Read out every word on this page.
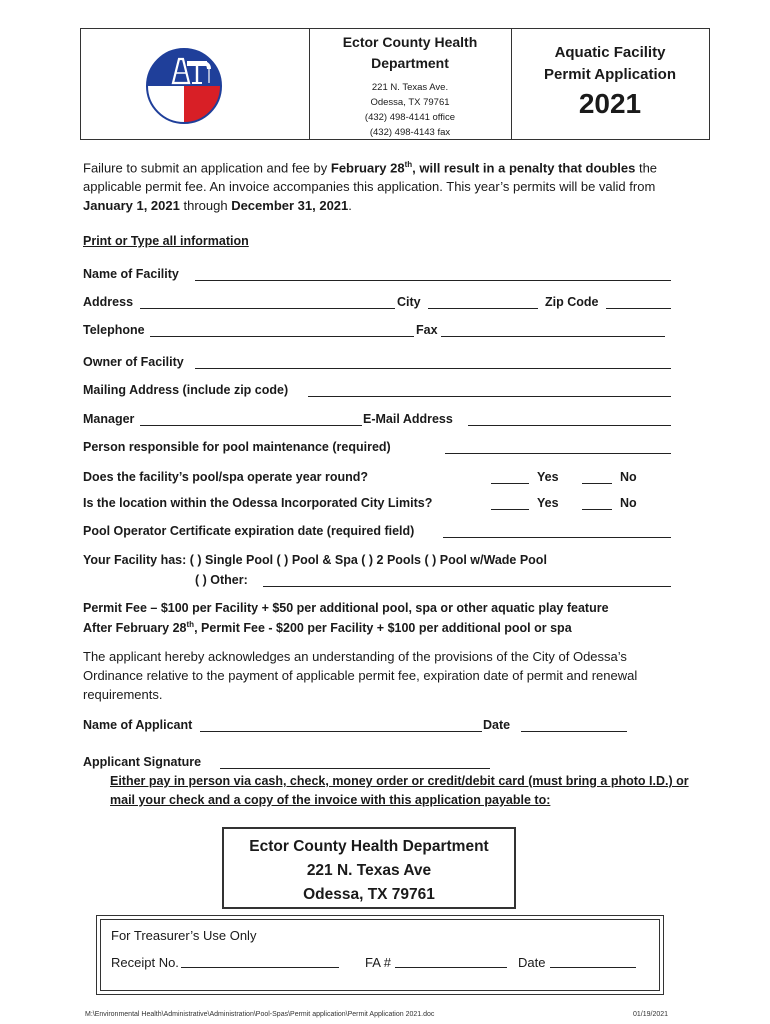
Ector County Health
Department
221 N. Texas Ave.
Odessa, TX 79761
(432) 498-4141 office
(432) 498-4143 fax
Aquatic Facility
Permit Application
2021
Failure to submit an application and fee by February 28th, will result in a penalty that doubles the
applicable permit fee. An invoice accompanies this application. This year’s permits will be valid from
January 1, 2021 through December 31, 2021.
Print or Type all information
Name of Facility
Address	City	Zip Code
Telephone	Fax
Owner of Facility
Mailing Address (include zip code)
Manager	E-Mail Address
Person responsible for pool maintenance (required)
Does the facility’s pool/spa operate year round?	Yes	No
Is the location within the Odessa Incorporated City Limits?	Yes	No
Pool Operator Certificate expiration date (required field)
Your Facility has: ( ) Single Pool ( ) Pool & Spa ( ) 2 Pools ( ) Pool w/Wade Pool
( ) Other:
Permit Fee – $100 per Facility + $50 per additional pool, spa or other aquatic play feature
After February 28th, Permit Fee - $200 per Facility + $100 per additional pool or spa
The applicant hereby acknowledges an understanding of the provisions of the City of Odessa’s
Ordinance relative to the payment of applicable permit fee, expiration date of permit and renewal
requirements.
Name of Applicant	Date
Applicant Signature
Either pay in person via cash, check, money order or credit/debit card (must bring a photo I.D.) or
mail your check and a copy of the invoice with this application payable to:
Ector County Health Department
221 N. Texas Ave
Odessa, TX 79761
For Treasurer’s Use Only
Receipt No.	FA #	Date
M:\Environmental Health\Administrative\Administration\Pool-Spas\Permit application\Permit Application 2021.doc	01/19/2021
